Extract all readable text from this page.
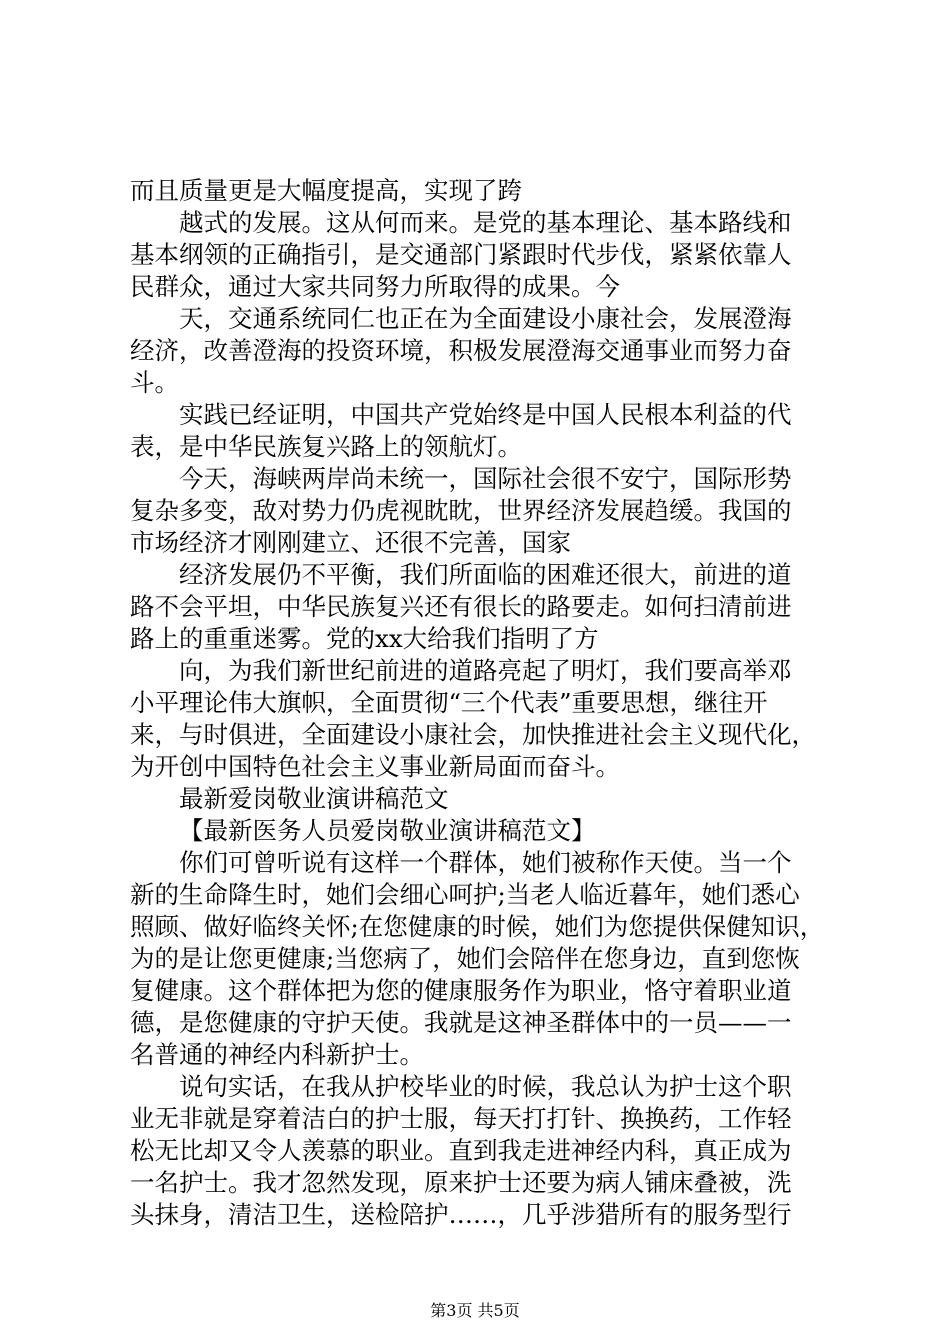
而且质量更是大幅度提高，实现了跨
越式的发展。这从何而来。是党的基本理论、基本路线和
基本纲领的正确指引，是交通部门紧跟时代步伐，紧紧依靠人
民群众，通过大家共同努力所取得的成果。今
天，交通系统同仁也正在为全面建设小康社会，发展澄海
经济，改善澄海的投资环境，积极发展澄海交通事业而努力奋
斗。
实践已经证明，中国共产党始终是中国人民根本利益的代
表，是中华民族复兴路上的领航灯。
今天，海峡两岸尚未统一，国际社会很不安宁，国际形势
复杂多变，敌对势力仍虎视眈眈，世界经济发展趋缓。我国的
市场经济才刚刚建立、还很不完善，国家
经济发展仍不平衡，我们所面临的困难还很大，前进的道
路不会平坦，中华民族复兴还有很长的路要走。如何扫清前进
路上的重重迷雾。党的xx大给我们指明了方
向，为我们新世纪前进的道路亮起了明灯，我们要高举邓
小平理论伟大旗帜，全面贯彻“三个代表”重要思想，继往开
来，与时俱进，全面建设小康社会，加快推进社会主义现代化，
为开创中国特色社会主义事业新局面而奋斗。
最新爱岗敬业演讲稿范文
【最新医务人员爱岗敬业演讲稿范文】
你们可曾听说有这样一个群体，她们被称作天使。当一个
新的生命降生时，她们会细心呵护;当老人临近暮年，她们悉心
照顾、做好临终关怀;在您健康的时候，她们为您提供保健知识，
为的是让您更健康;当您病了，她们会陪伴在您身边，直到您恢
复健康。这个群体把为您的健康服务作为职业，恪守着职业道
德，是您健康的守护天使。我就是这神圣群体中的一员——一
名普通的神经内科新护士。
说句实话，在我从护校毕业的时候，我总认为护士这个职
业无非就是穿着洁白的护士服，每天打打针、换换药，工作轻
松无比却又令人羡慕的职业。直到我走进神经内科，真正成为
一名护士。我才忽然发现，原来护士还要为病人铺床叠被，洗
头抹身，清洁卫生，送检陪护……，几乎涉猎所有的服务型行
第3页 共5页
